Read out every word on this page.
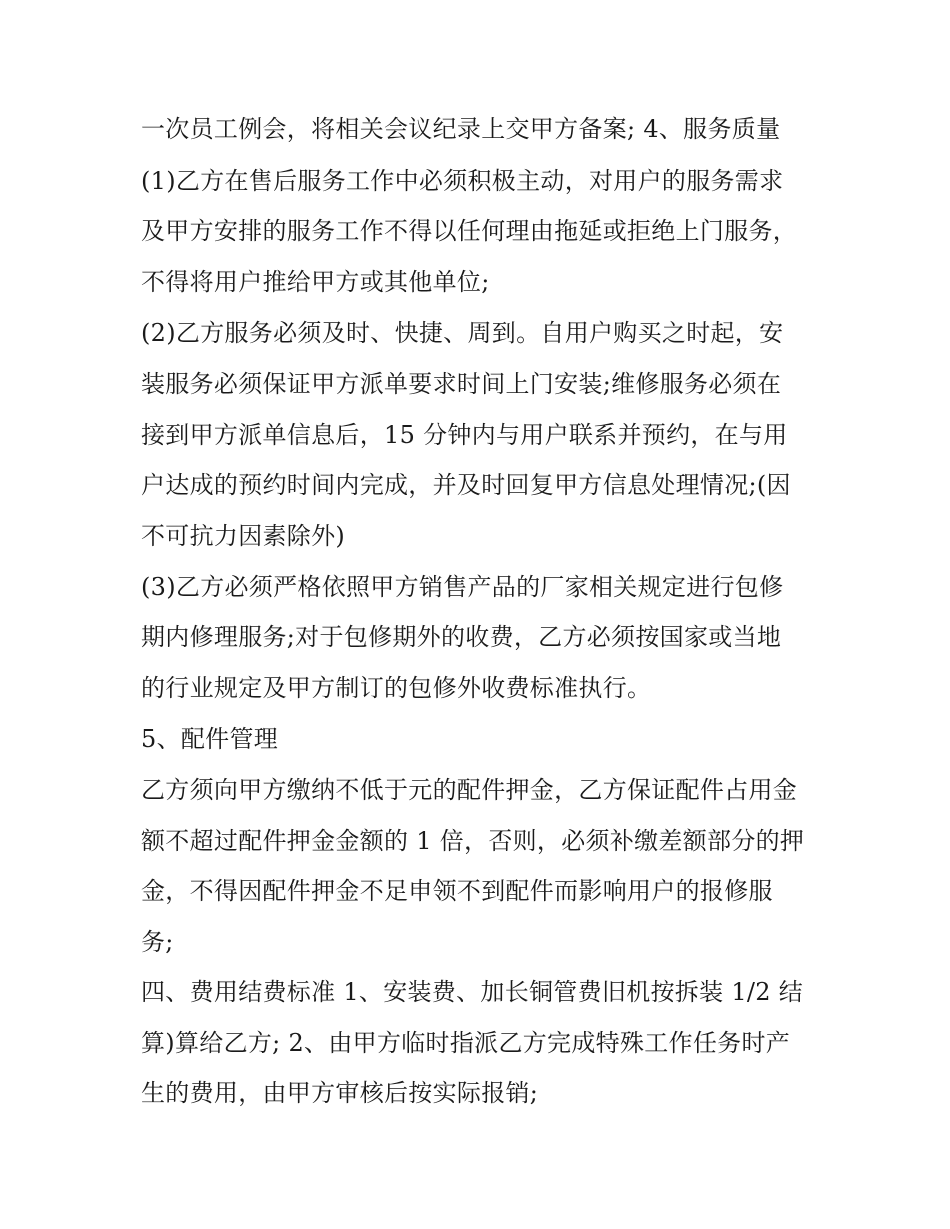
一次员工例会，将相关会议纪录上交甲方备案; 4、服务质量
(1)乙方在售后服务工作中必须积极主动，对用户的服务需求
及甲方安排的服务工作不得以任何理由拖延或拒绝上门服务，
不得将用户推给甲方或其他单位;
(2)乙方服务必须及时、快捷、周到。自用户购买之时起，安
装服务必须保证甲方派单要求时间上门安装;维修服务必须在
接到甲方派单信息后，15 分钟内与用户联系并预约，在与用
户达成的预约时间内完成，并及时回复甲方信息处理情况;(因
不可抗力因素除外)
(3)乙方必须严格依照甲方销售产品的厂家相关规定进行包修
期内修理服务;对于包修期外的收费，乙方必须按国家或当地
的行业规定及甲方制订的包修外收费标准执行。
5、配件管理
乙方须向甲方缴纳不低于元的配件押金，乙方保证配件占用金
额不超过配件押金金额的 1 倍，否则，必须补缴差额部分的押
金，不得因配件押金不足申领不到配件而影响用户的报修服
务;
四、费用结费标准 1、安装费、加长铜管费旧机按拆装 1/2 结
算)算给乙方; 2、由甲方临时指派乙方完成特殊工作任务时产
生的费用，由甲方审核后按实际报销;
